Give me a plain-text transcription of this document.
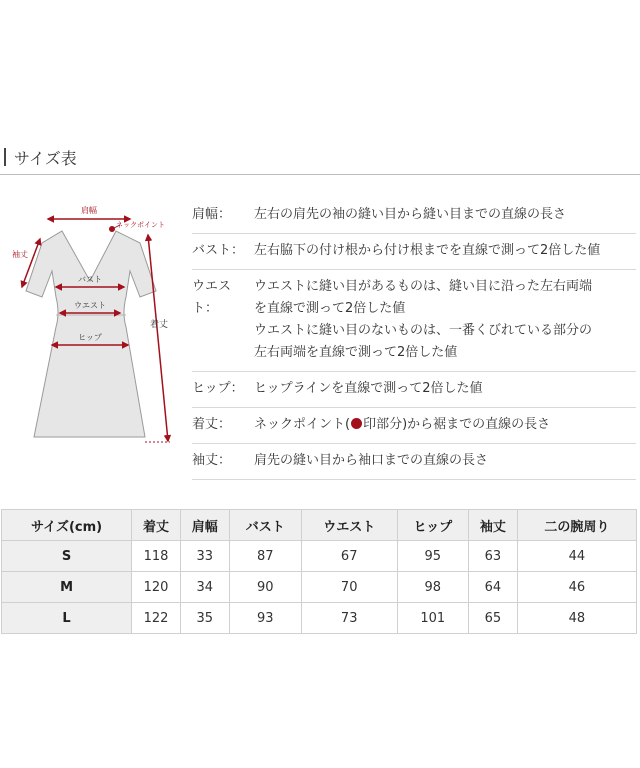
サイズ表
肩幅
ネックポイント
袖丈
着丈
バスト
ウエスト
ヒップ
肩幅：	左右の肩先の袖の縫い目から縫い目までの直線の長さ
バスト： 左右脇下の付け根から付け根までを直線で測って2倍した値
ウエスト：
ウエストに縫い目があるものは、縫い目に沿った左右両端
を直線で測って2倍した値
ウエストに縫い目のないものは、一番くびれている部分の
左右両端を直線で測って2倍した値
ヒップ： ヒップラインを直線で測って2倍した値
着丈：	ネックポイント( 印部分)から裾までの直線の長さ
袖丈：	肩先の縫い目から袖口までの直線の長さ
サイズ(cm)	着丈	肩幅	バスト	ウエスト	ヒップ	袖丈	二の腕周り
S	118	33	87	67	95	63	44
M	120	34	90	70	98	64	46
L	122	35	93	73	101	65	48
